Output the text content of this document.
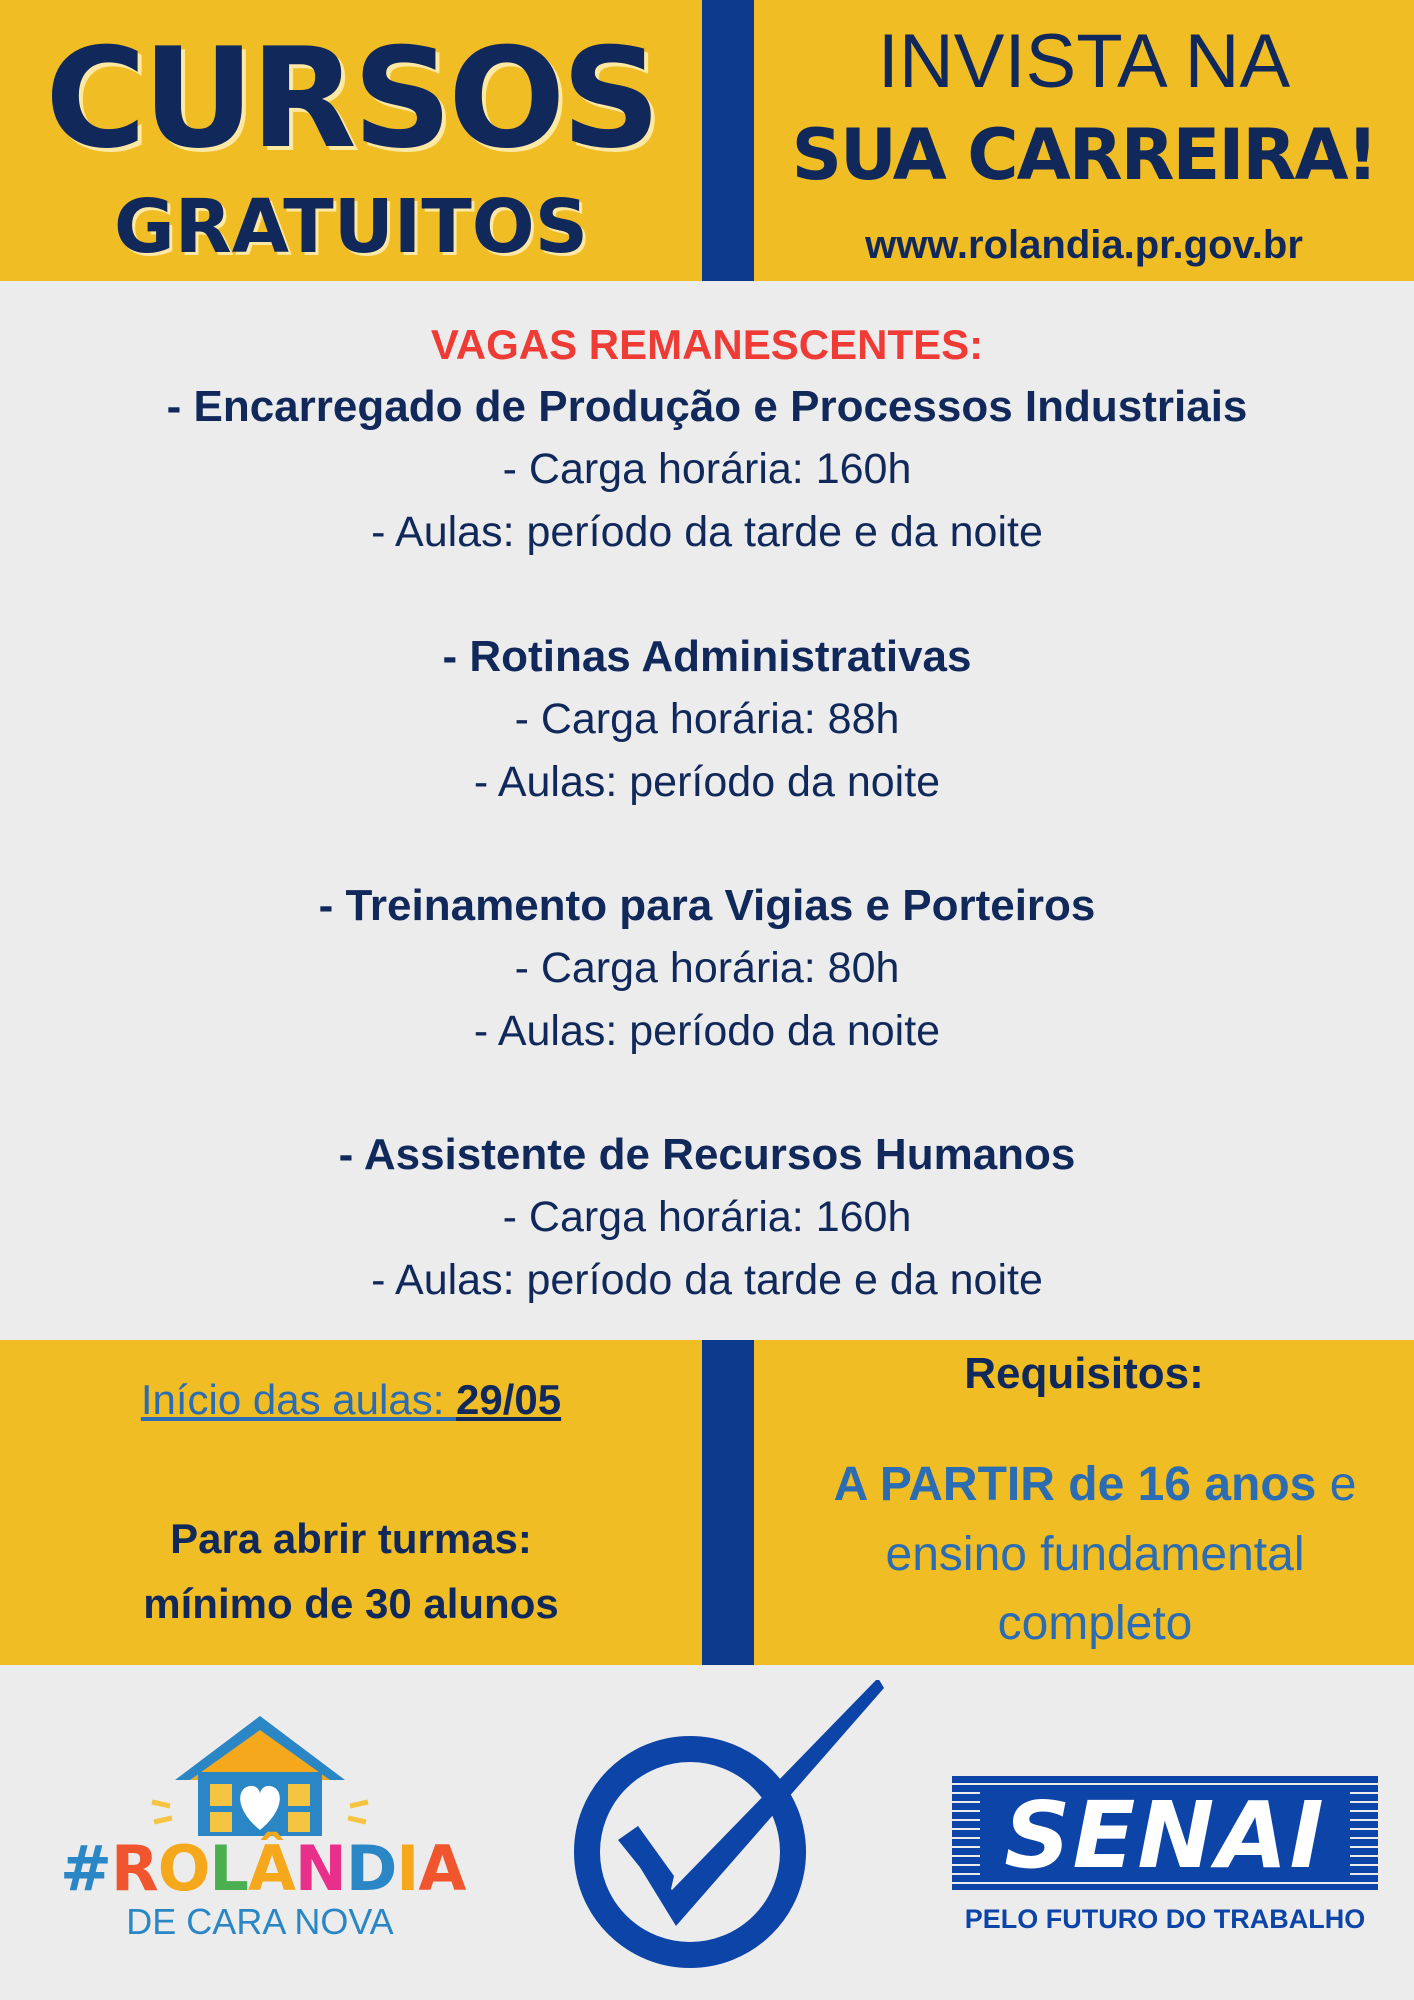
CURSOS
GRATUITOS
INVISTA NA
SUA CARREIRA!
www.rolandia.pr.gov.br
VAGAS REMANESCENTES:
- Encarregado de Produção e Processos Industriais
- Carga horária: 160h
- Aulas: período da tarde e da noite
- Rotinas Administrativas
- Carga horária: 88h
- Aulas: período da noite
- Treinamento para Vigias e Porteiros
- Carga horária: 80h
- Aulas: período da noite
- Assistente de Recursos Humanos
- Carga horária: 160h
- Aulas: período da tarde e da noite
Início das aulas: 29/05
Para abrir turmas:
mínimo de 30 alunos
Requisitos:
A PARTIR de 16 anos e
ensino fundamental
completo
#ROLÂNDIA
DE CARA NOVA
SENAI
PELO FUTURO DO TRABALHO
